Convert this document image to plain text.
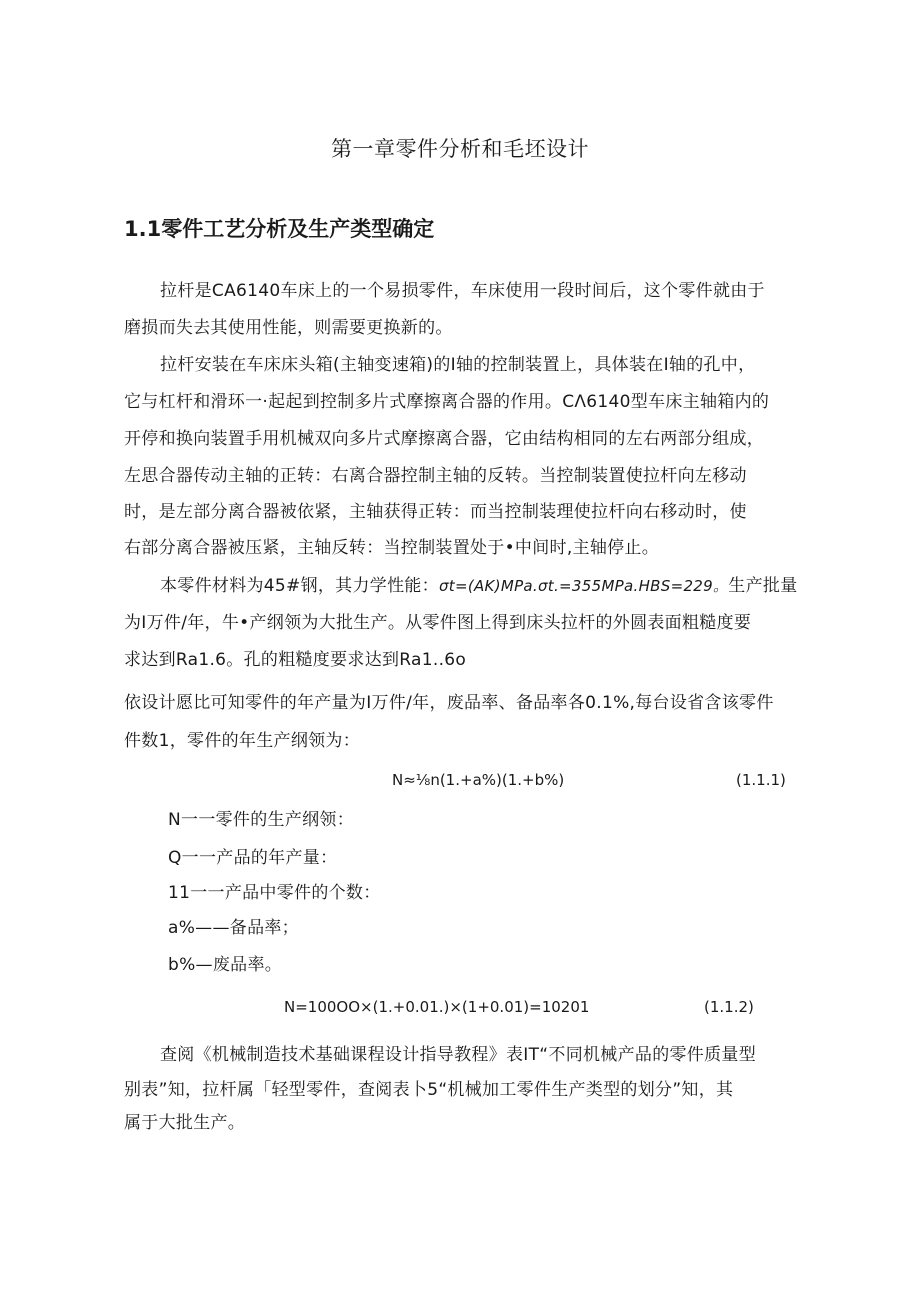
第一章零件分析和毛坯设计
1.1零件工艺分析及生产类型确定
拉杆是CA6140车床上的一个易损零件，车床使用一段时间后，这个零件就由于
磨损而失去其使用性能，则需要更换新的。
拉杆安装在车床床头箱(主轴变速箱)的I轴的控制装置上，具体装在I轴的孔中，
它与杠杆和滑环一·起起到控制多片式摩擦离合器的作用。CΛ6140型车床主轴箱内的
开停和换向装置手用机械双向多片式摩擦离合器，它由结构相同的左右两部分组成，
左思合器传动主轴的正转：右离合器控制主轴的反转。当控制装置使拉杆向左移动
时，是左部分离合器被依紧，主轴获得正转：而当控制装理使拉杆向右移动时，使
右部分离合器被压紧，主轴反转：当控制装置处于•中间时,主轴停止。
本零件材料为45#钢，其力学性能：σt=(AK)MPa.σt.=355MPa.HBS=229。生产批量
为I万件/年，牛•产纲领为大批生产。从零件图上得到床头拉杆的外圆表面粗糙度要
求达到Ra1.6。孔的粗糙度要求达到Ra1..6o
依设计愿比可知零件的年产量为I万件/年，废品率、备品率各0.1%,每台设省含该零件
件数1，零件的年生产纲领为：
N≈⅛n(1.+a%)(1.+b%)	(1.1.1)
N一一零件的生产纲领：
Q一一产品的年产量：
11一一产品中零件的个数：
a%——备品率；
b%—废品率。
N=100OO×(1.+0.01.)×(1+0.01)=10201	(1.1.2)
查阅《机械制造技术基础课程设计指导教程》表IT“不同机械产品的零件质量型
别表”知，拉杆属「轻型零件，查阅表卜5“机械加工零件生产类型的划分”知，其
属于大批生产。
